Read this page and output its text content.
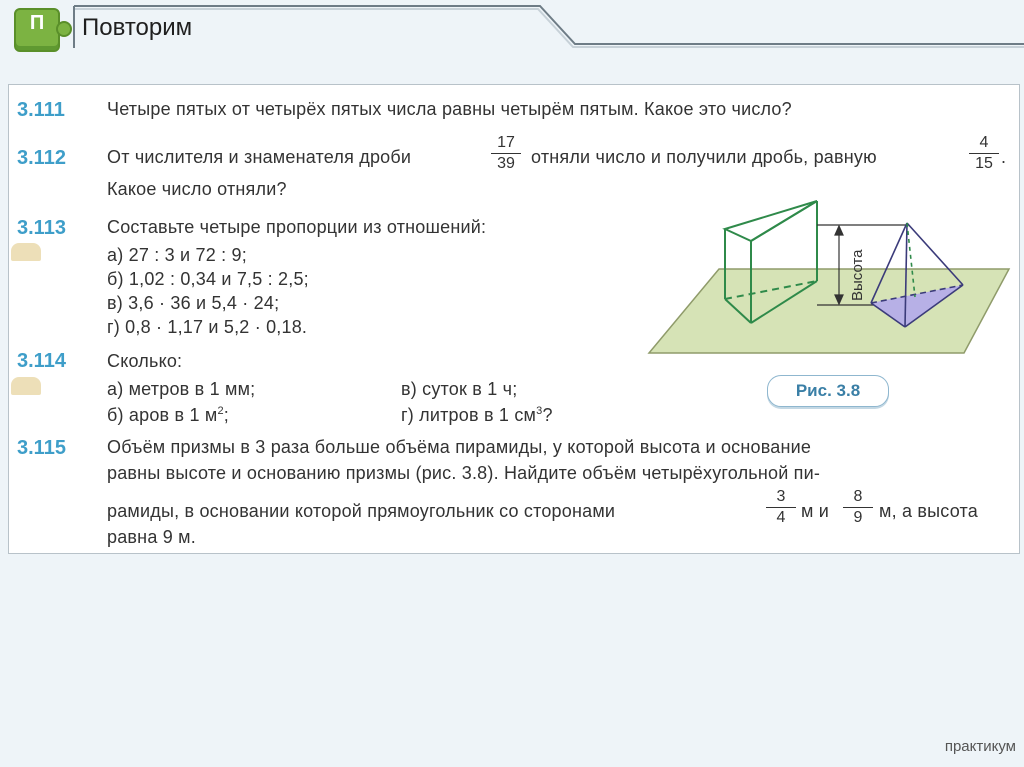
П	Повторим
3.111 Четыре пятых от четырёх пятых числа равны четырём пятым. Какое это число?
3.112 От числителя и знаменателя дроби	$\frac{17}{39}$ отняли число и получили дробь, равную	$\frac{4}{15}$ .
Какое число отняли?
3.113 Составьте четыре пропорции из отношений:
а) 27 : 3 и 72 : 9;
б) 1,02 : 0,34 и 7,5 : 2,5;
в) 3,6 · 36 и 5,4 · 24;
г) 0,8 · 1,17 и 5,2 · 0,18.
3.114 Сколько:
а) метров в 1 мм;
б) аров в 1 $м^2$;
в) суток в 1 ч;
г) литров в 1 $см^3$?
Высота
Рис. 3.8
3.115 Объём призмы в 3 раза больше объёма пирамиды, у которой высота и основание
равны высоте и основанию призмы (рис. 3.8). Найдите объём четырёхугольной пи-
рамиды, в основании которой прямоугольник со сторонами	$\frac{3}{4}$ м и $\frac{8}{9} м$, а высота
равна 9 м.
практикум
